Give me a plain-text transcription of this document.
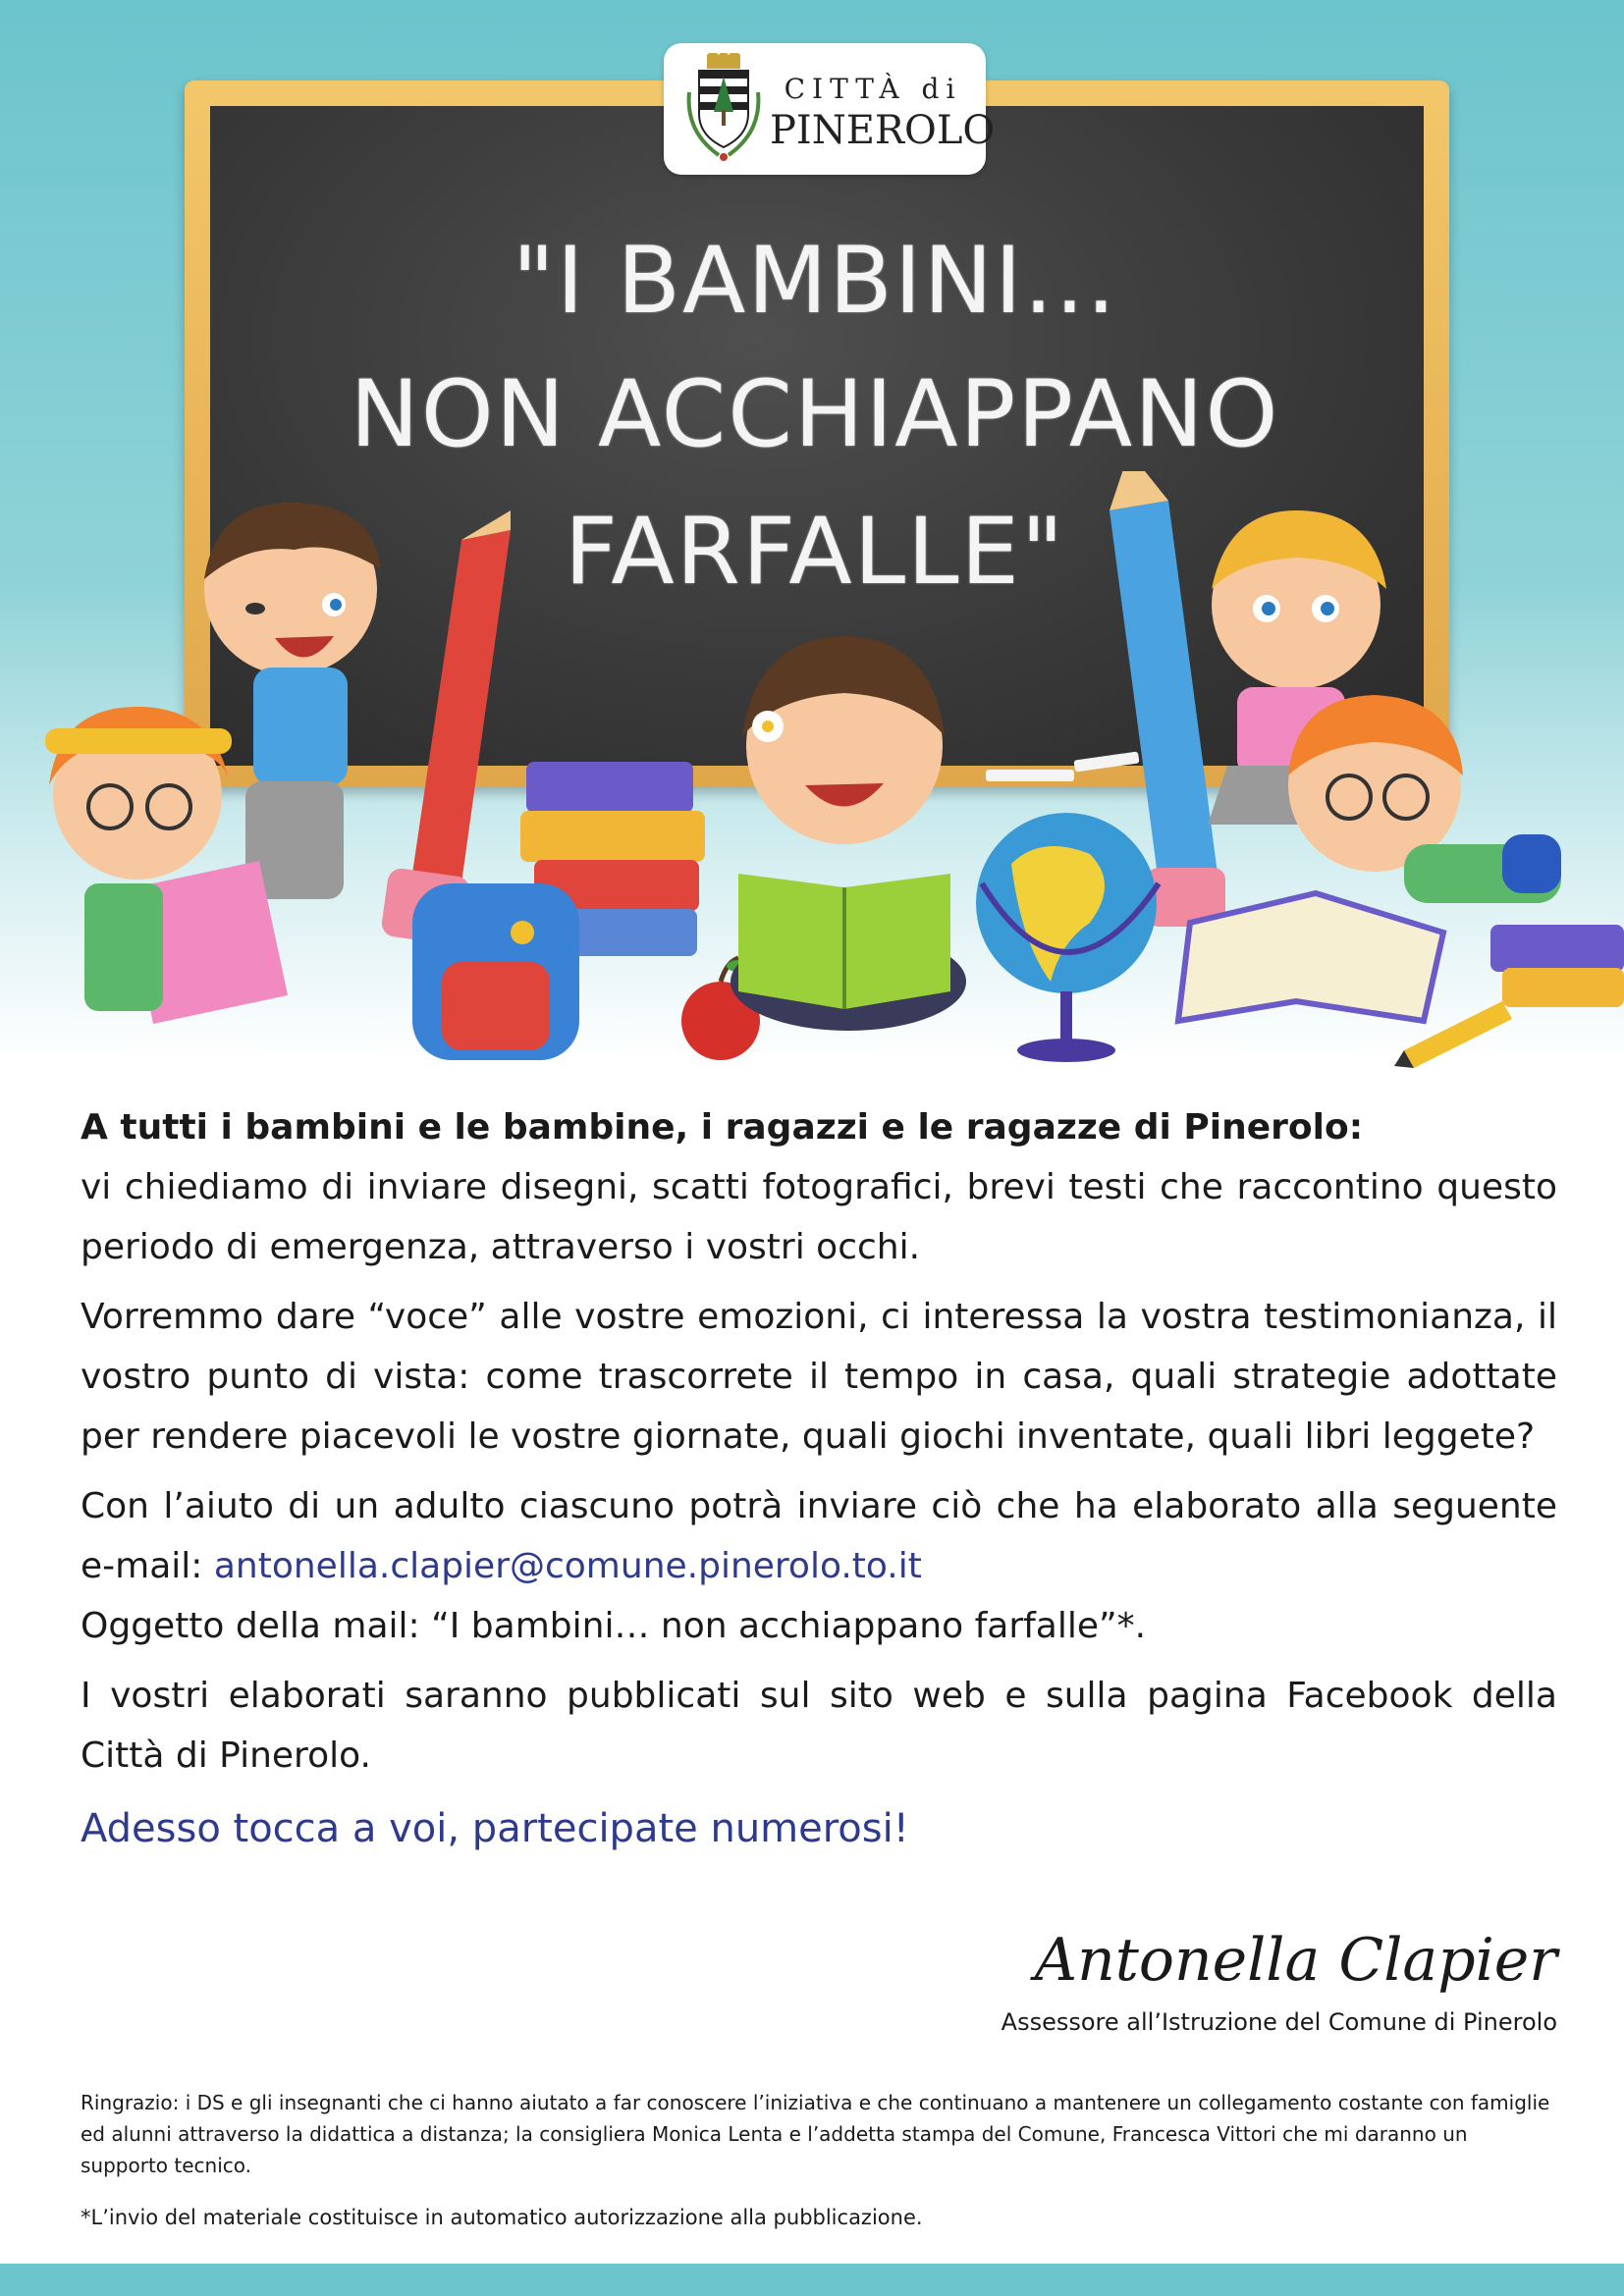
CITTÀ di
PINEROLO
"I BAMBINI...
NON ACCHIAPPANO
FARFALLE"

A tutti i bambini e le bambine, i ragazzi e le ragazze di Pinerolo:

vi chiediamo di inviare disegni, scatti fotografici, brevi testi che raccontino questo periodo di emergenza, attraverso i vostri occhi.

Vorremmo dare “voce” alle vostre emozioni, ci interessa la vostra testimonianza, il vostro punto di vista: come trascorrete il tempo in casa, quali strategie adottate per rendere piacevoli le vostre giornate, quali giochi inventate, quali libri leggete?

Con l’aiuto di un adulto ciascuno potrà inviare ciò che ha elaborato alla seguente e-mail: antonella.clapier@comune.pinerolo.to.it

Oggetto della mail: “I bambini… non acchiappano farfalle”*.

I vostri elaborati saranno pubblicati sul sito web e sulla pagina Facebook della Città di Pinerolo.

Adesso tocca a voi, partecipate numerosi!

Antonella Clapier
Assessore all’Istruzione del Comune di Pinerolo
Ringrazio: i DS e gli insegnanti che ci hanno aiutato a far conoscere l’iniziativa e che continuano a mantenere un collegamento costante con famiglie ed alunni attraverso la didattica a distanza; la consigliera Monica Lenta e l’addetta stampa del Comune, Francesca Vittori che mi daranno un supporto tecnico.
*L’invio del materiale costituisce in automatico autorizzazione alla pubblicazione.
